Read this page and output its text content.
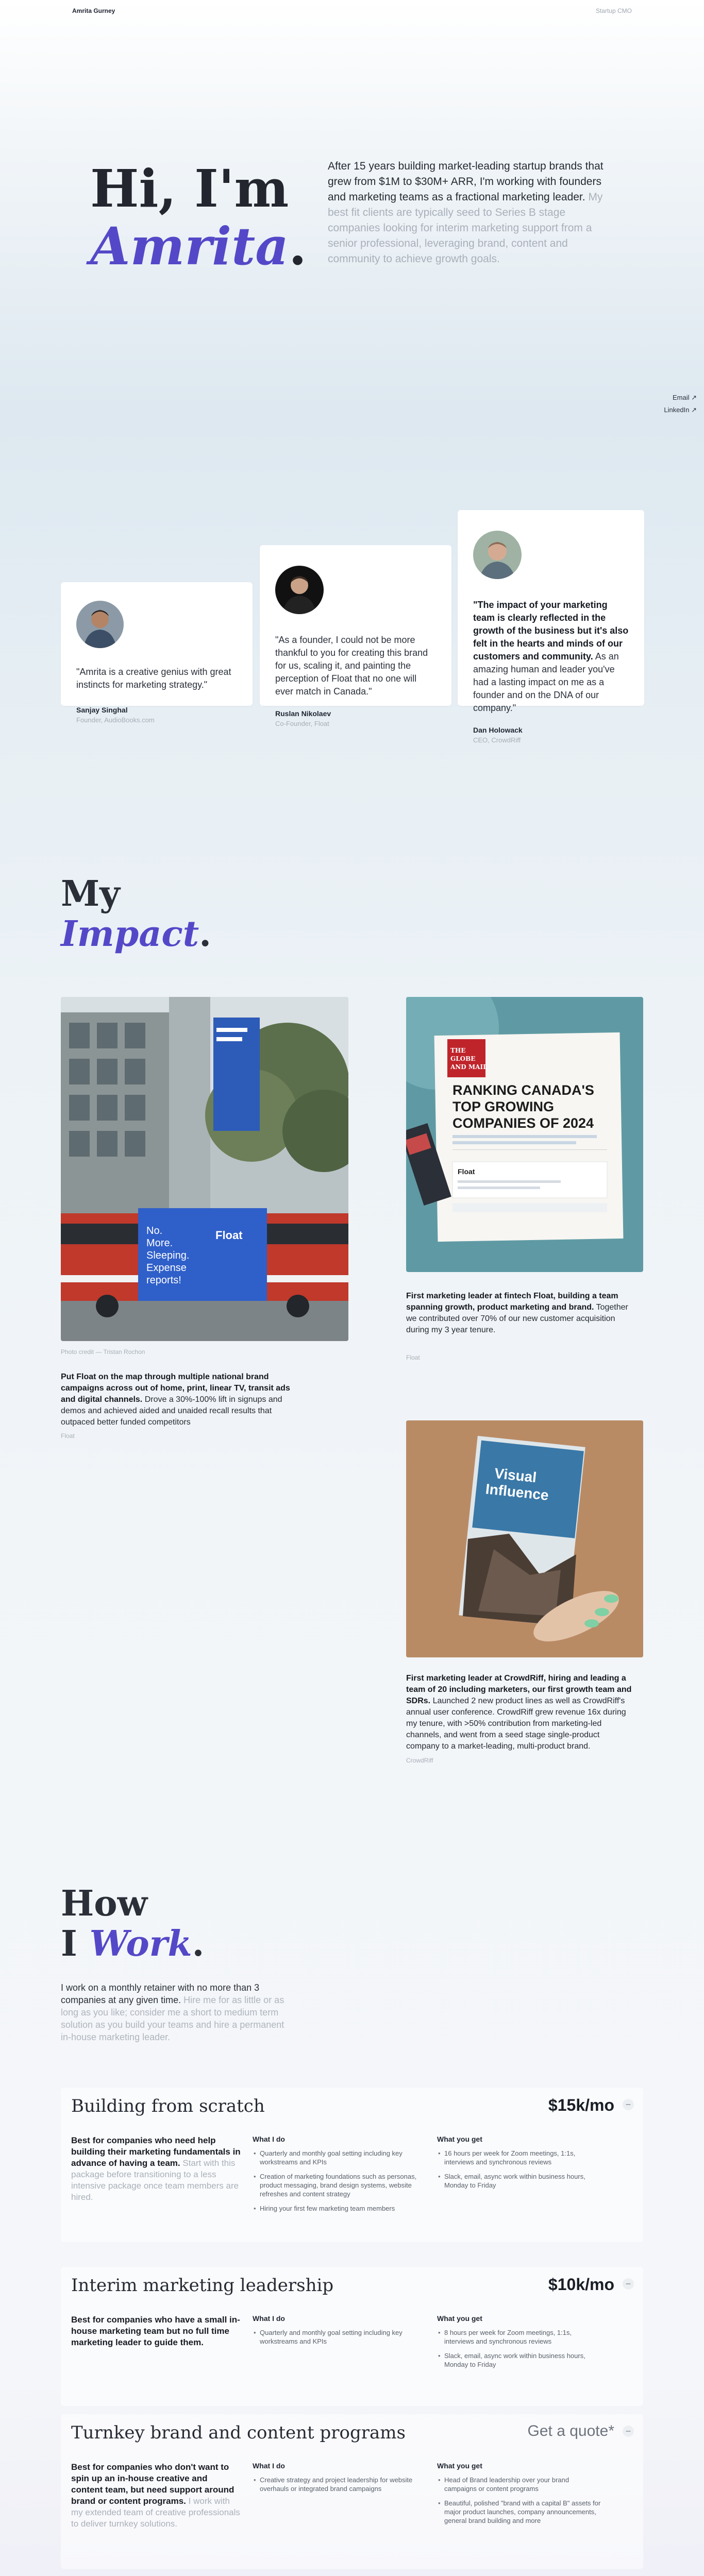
Amrita Gurney	Startup CMO
Hi, I'm
Amrita.

After 15 years building market-leading startup brands that grew from $1M to $30M+ ARR, I'm working with founders and marketing teams as a fractional marketing leader. My best fit clients are typically seed to Series B stage companies looking for interim marketing support from a senior professional, leveraging brand, content and community to achieve growth goals.

Email ↗
LinkedIn ↗

"Amrita is a creative genius with great instincts for marketing strategy."

Sanjay Singhal

Founder, AudioBooks.com

"As a founder, I could not be more thankful to you for creating this brand for us, scaling it, and painting the perception of Float that no one will ever match in Canada."

Ruslan Nikolaev

Co-Founder, Float

"The impact of your marketing team is clearly reflected in the growth of the business but it's also felt in the hearts and minds of our customers and community. As an amazing human and leader you've had a lasting impact on me as a founder and on the DNA of our company."

Dan Holowack

CEO, CrowdRiff

My
Impact.
No.
More.
Sleeping.
Expense
reports!
Float

Photo credit — Tristan Rochon

Put Float on the map through multiple national brand campaigns across out of home, print, linear TV, transit ads and digital channels. Drove a 30%-100% lift in signups and demos and achieved aided and unaided recall results that outpaced better funded competitors

Float

THE
GLOBE
AND MAIL
RANKING CANADA'S
TOP GROWING
COMPANIES OF 2024
Float

First marketing leader at fintech Float, building a team spanning growth, product marketing and brand. Together we contributed over 70% of our new customer acquisition during my 3 year tenure.

Float

Visual
Influence

First marketing leader at CrowdRiff, hiring and leading a team of 20 including marketers, our first growth team and SDRs. Launched 2 new product lines as well as CrowdRiff's annual user conference. CrowdRiff grew revenue 16x during my tenure, with >50% contribution from marketing-led channels, and went from a seed stage single-product company to a market-leading, multi-product brand.

CrowdRiff

How
I Work.

I work on a monthly retainer with no more than 3 companies at any given time. Hire me for as little or as long as you like; consider me a short to medium term solution as you build your teams and hire a permanent in-house marketing leader.

Building from scratch	$15k/mo	–

Best for companies who need help building their marketing fundamentals in advance of having a team. Start with this package before transitioning to a less intensive package once team members are hired.

What I do
• Quarterly and monthly goal setting including key workstreams and KPIs
• Creation of marketing foundations such as personas, product messaging, brand design systems, website refreshes and content strategy
• Hiring your first few marketing team members
What you get
• 16 hours per week for Zoom meetings, 1:1s, interviews and synchronous reviews
• Slack, email, async work within business hours, Monday to Friday
Interim marketing leadership	$10k/mo	–

Best for companies who have a small in-house marketing team but no full time marketing leader to guide them.

What I do
• Quarterly and monthly goal setting including key workstreams and KPIs
What you get
• 8 hours per week for Zoom meetings, 1:1s, interviews and synchronous reviews
• Slack, email, async work within business hours, Monday to Friday
Turnkey brand and content programs	Get a quote*	–

Best for companies who don't want to spin up an in-house creative and content team, but need support around brand or content programs. I work with my extended team of creative professionals to deliver turnkey solutions.

What I do
• Creative strategy and project leadership for website overhauls or integrated brand campaigns
What you get
• Head of Brand leadership over your brand campaigns or content programs
• Beautiful, polished "brand with a capital B" assets for major product launches, company announcements, general brand building and more
